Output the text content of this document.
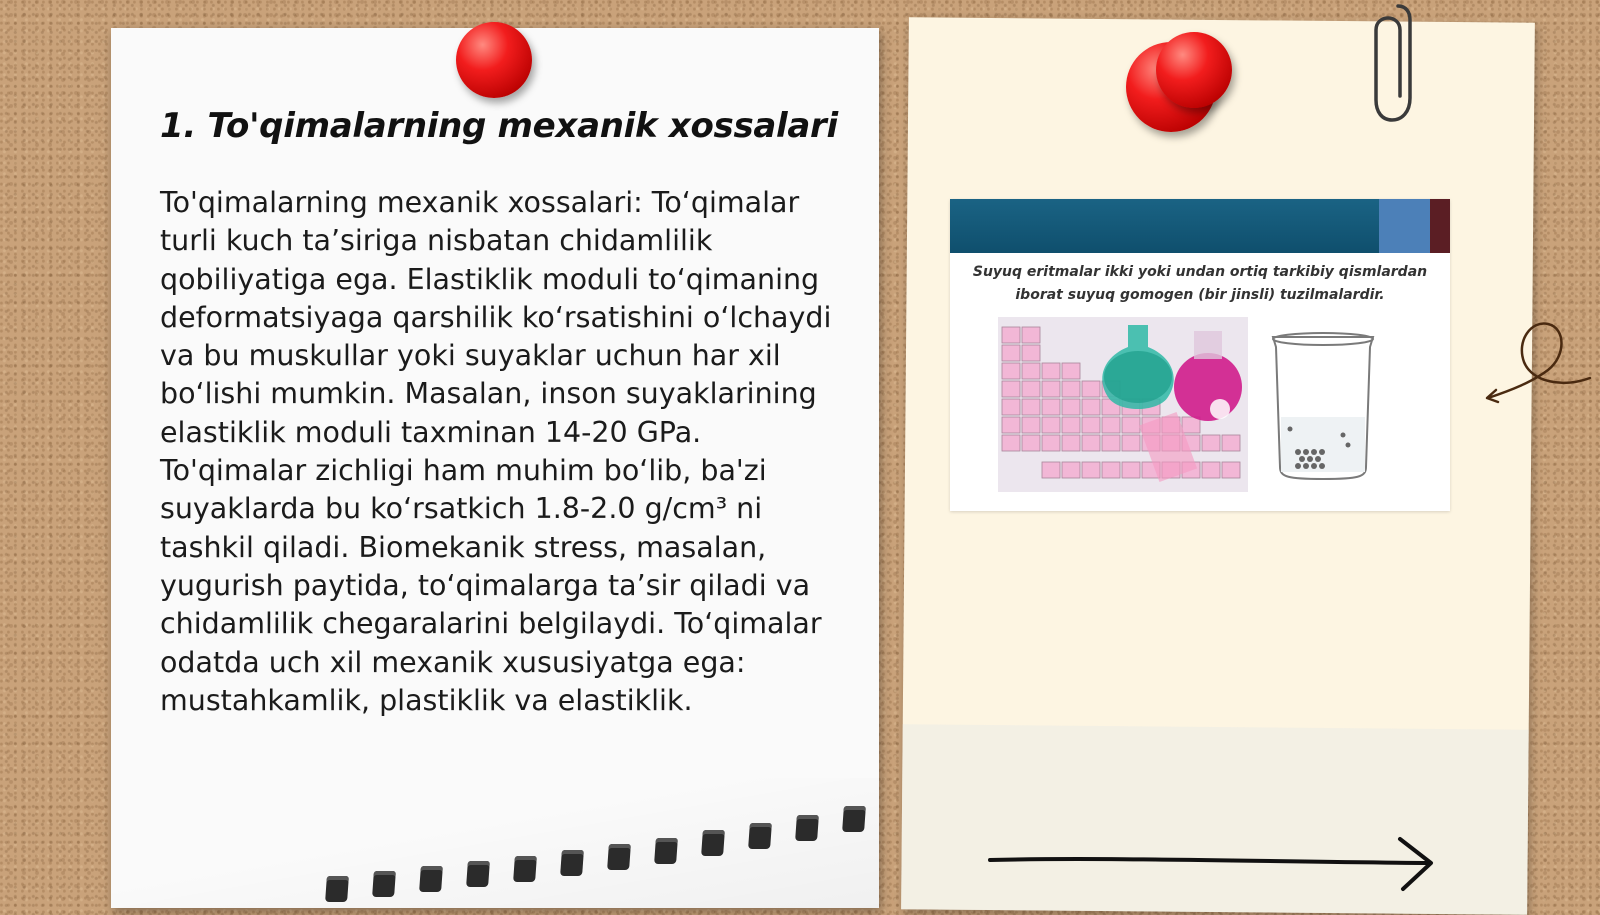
1. To'qimalarning mexanik xossalari

To'qimalarning mexanik xossalari: To‘qimalar turli kuch ta’siriga nisbatan chidamlilik qobiliyatiga ega. Elastiklik moduli to‘qimaning deformatsiyaga qarshilik ko‘rsatishini o‘lchaydi va bu muskullar yoki suyaklar uchun har xil bo‘lishi mumkin. Masalan, inson suyaklarining elastiklik moduli taxminan 14-20 GPa. To'qimalar zichligi ham muhim bo‘lib, ba'zi suyaklarda bu ko‘rsatkich 1.8-2.0 g/cm³ ni tashkil qiladi. Biomekanik stress, masalan, yugurish paytida, to‘qimalarga ta’sir qiladi va chidamlilik chegaralarini belgilaydi. To‘qimalar odatda uch xil mexanik xususiyatga ega: mustahkamlik, plastiklik va elastiklik.

Suyuq eritmalar ikki yoki undan ortiq tarkibiy qismlardan iborat suyuq gomogen (bir jinsli) tuzilmalardir.
